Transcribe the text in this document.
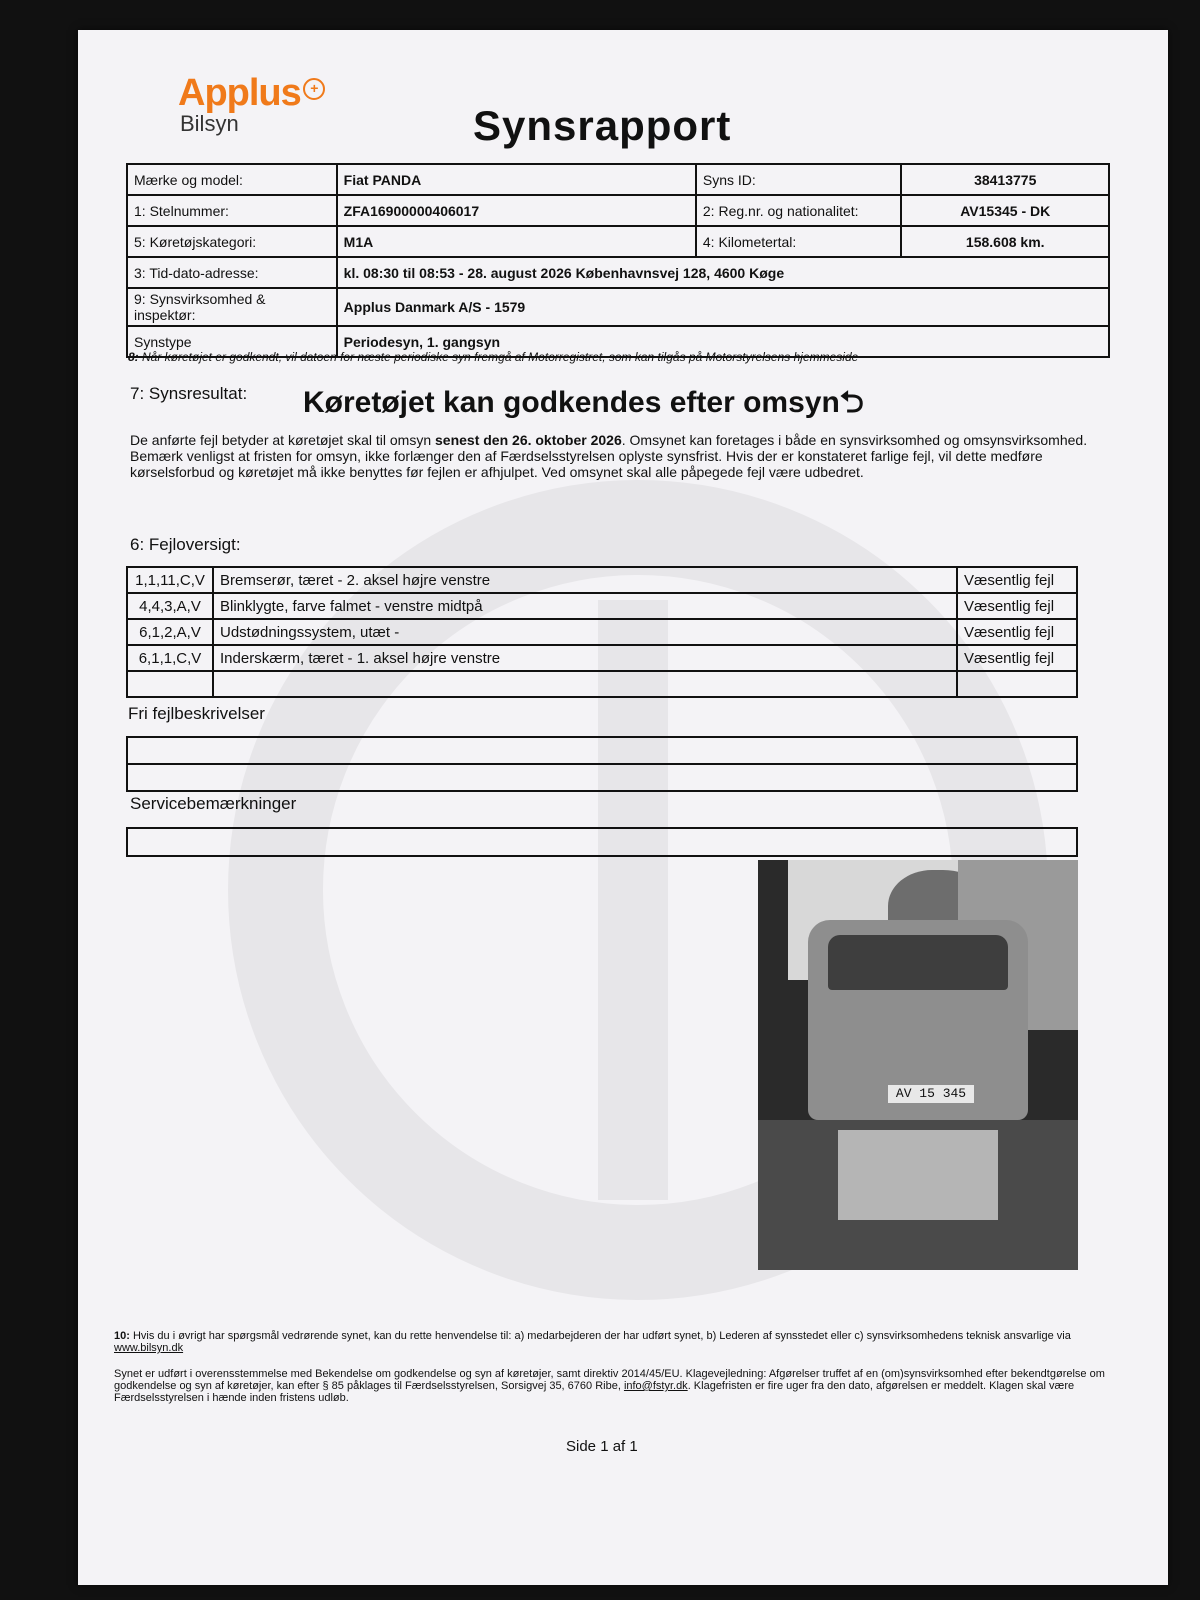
Applus +
Bilsyn	Synsrapport
Mærke og model:	Fiat PANDA	Syns ID:	38413775
1: Stelnummer:	ZFA16900000406017	2: Reg.nr. og nationalitet:	AV15345 - DK
5: Køretøjskategori:	M1A	4: Kilometertal:	158.608 km.
3: Tid-dato-adresse:	kl. 08:30 til 08:53 - 28. august 2026 Københavnsvej 128, 4600 Køge		
9: Synsvirksomhed & inspektør:	Applus Danmark A/S - 1579		
Synstype	Periodesyn, 1. gangsyn		
8: Når køretøjet er godkendt, vil datoen for næste periodiske syn fremgå af Motorregistret, som kan tilgås på Motorstyrelsens hjemmeside
7: Synsresultat: Køretøjet kan godkendes efter omsyn⮌
De anførte fejl betyder at køretøjet skal til omsyn senest den 26. oktober 2026. Omsynet kan foretages i både en synsvirksomhed og omsynsvirksomhed. Bemærk venligst at fristen for omsyn, ikke forlænger den af Færdselsstyrelsen oplyste synsfrist. Hvis der er konstateret farlige fejl, vil dette medføre kørselsforbud og køretøjet må ikke benyttes før fejlen er afhjulpet. Ved omsynet skal alle påpegede fejl være udbedret.
6: Fejloversigt:
1,1,11,C,V	Bremserør, tæret - 2. aksel højre venstre	Væsentlig fejl
4,4,3,A,V	Blinklygte, farve falmet - venstre midtpå	Væsentlig fejl
6,1,2,A,V	Udstødningssystem, utæt -	Væsentlig fejl
6,1,1,C,V	Inderskærm, tæret - 1. aksel højre venstre	Væsentlig fejl

Fri fejlbeskrivelser
Servicebemærkninger
AV 15 345
10: Hvis du i øvrigt har spørgsmål vedrørende synet, kan du rette henvendelse til: a) medarbejderen der har udført synet, b) Lederen af synsstedet eller c) synsvirksomhedens teknisk ansvarlige via www.bilsyn.dk
Synet er udført i overensstemmelse med Bekendelse om godkendelse og syn af køretøjer, samt direktiv 2014/45/EU. Klagevejledning: Afgørelser truffet af en (om)synsvirksomhed efter bekendtgørelse om godkendelse og syn af køretøjer, kan efter § 85 påklages til Færdselsstyrelsen, Sorsigvej 35, 6760 Ribe, info@fstyr.dk. Klagefristen er fire uger fra den dato, afgørelsen er meddelt. Klagen skal være Færdselsstyrelsen i hænde inden fristens udløb.
Side 1 af 1
